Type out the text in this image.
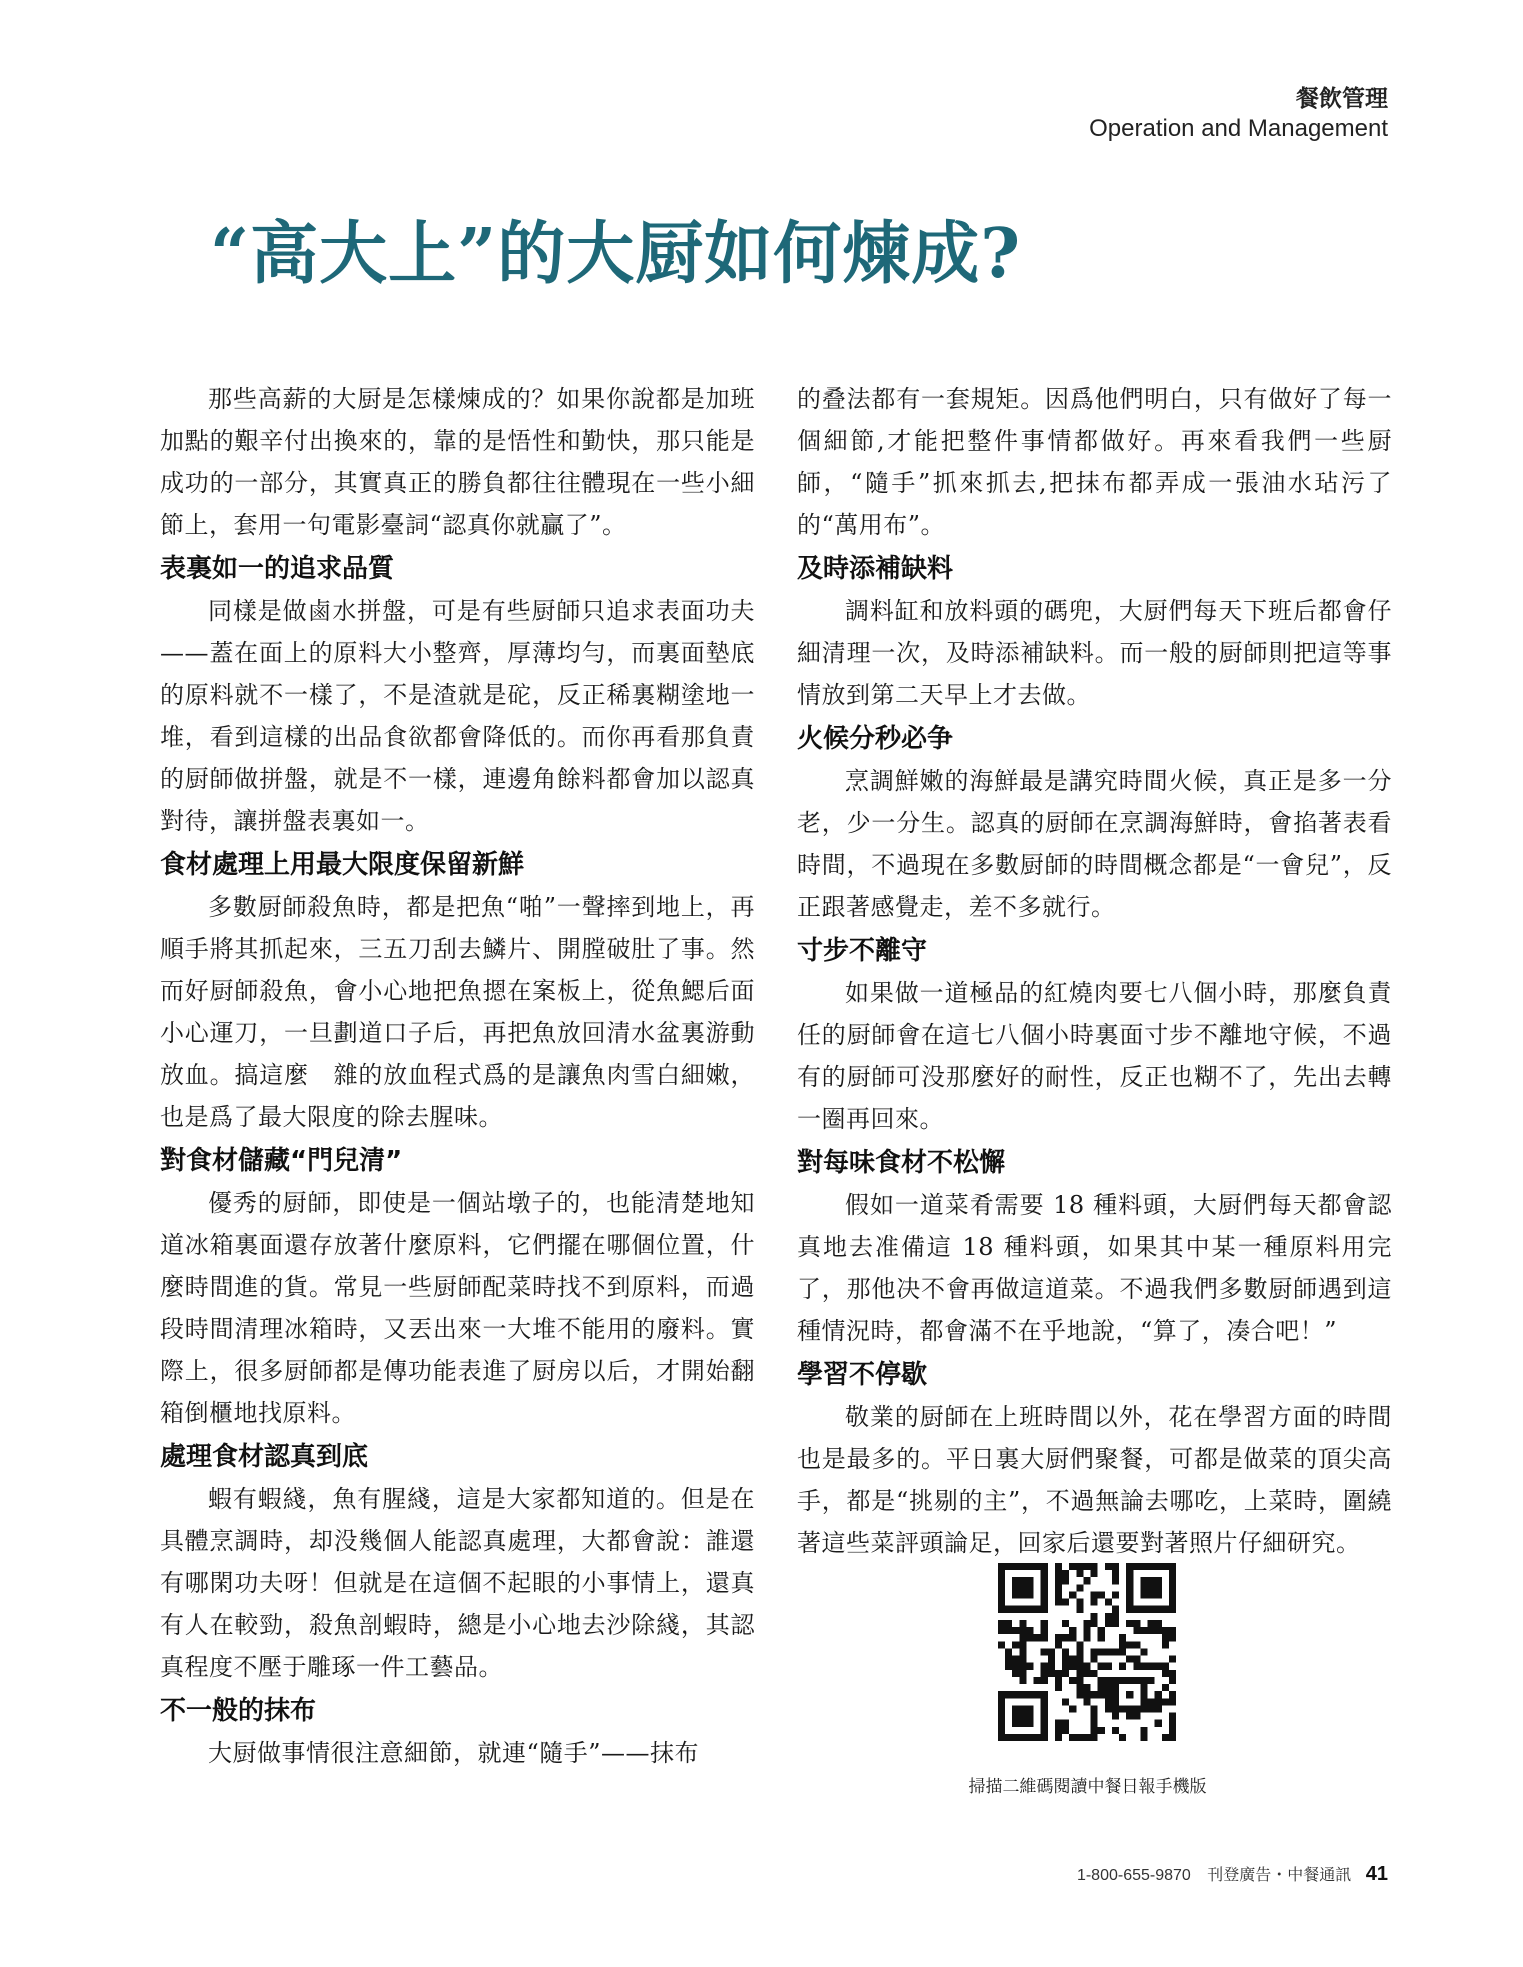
餐飲管理
Operation and Management
“高大上”的大厨如何煉成?

那些高薪的大厨是怎樣煉成的？如果你說都是加班加點的艱辛付出換來的，靠的是悟性和勤快，那只能是成功的一部分，其實真正的勝負都往往體現在一些小細節上，套用一句電影臺詞“認真你就贏了”。

表裏如一的追求品質

同樣是做鹵水拼盤，可是有些厨師只追求表面功夫——蓋在面上的原料大小整齊，厚薄均勻，而裏面墊底的原料就不一樣了，不是渣就是砣，反正稀裏糊塗地一堆，看到這樣的出品食欲都會降低的。而你再看那負責的厨師做拼盤，就是不一樣，連邊角餘料都會加以認真對待，讓拼盤表裏如一。

食材處理上用最大限度保留新鮮

多數厨師殺魚時，都是把魚“啪”一聲摔到地上，再順手將其抓起來，三五刀刮去鱗片、開膛破肚了事。然而好厨師殺魚，會小心地把魚摁在案板上，從魚鰓后面小心運刀，一旦劃道口子后，再把魚放回清水盆裏游動放血。搞這麼　雜的放血程式爲的是讓魚肉雪白細嫩，也是爲了最大限度的除去腥味。

對食材儲藏“門兒清”

優秀的厨師，即使是一個站墩子的，也能清楚地知道冰箱裏面還存放著什麼原料，它們擺在哪個位置，什麼時間進的貨。常見一些厨師配菜時找不到原料，而過段時間清理冰箱時，又丟出來一大堆不能用的廢料。實際上，很多厨師都是傳功能表進了厨房以后，才開始翻箱倒櫃地找原料。

處理食材認真到底

蝦有蝦綫，魚有腥綫，這是大家都知道的。但是在具體烹調時，却没幾個人能認真處理，大都會說：誰還有哪閑功夫呀！但就是在這個不起眼的小事情上，還真有人在較勁，殺魚剖蝦時，總是小心地去沙除綫，其認真程度不壓于雕琢一件工藝品。

不一般的抹布

大厨做事情很注意細節，就連“隨手”——抹布

的叠法都有一套規矩。因爲他們明白，只有做好了每一個細節,才能把整件事情都做好。再來看我們一些厨師，“隨手”抓來抓去,把抹布都弄成一張油水玷污了的“萬用布”。

及時添補缺料

調料缸和放料頭的碼兜，大厨們每天下班后都會仔細清理一次，及時添補缺料。而一般的厨師則把這等事情放到第二天早上才去做。

火候分秒必争

烹調鮮嫩的海鮮最是講究時間火候，真正是多一分老，少一分生。認真的厨師在烹調海鮮時，會掐著表看時間，不過現在多數厨師的時間概念都是“一會兒”，反正跟著感覺走，差不多就行。

寸步不離守

如果做一道極品的紅燒肉要七八個小時，那麼負責任的厨師會在這七八個小時裏面寸步不離地守候，不過有的厨師可没那麼好的耐性，反正也糊不了，先出去轉一圈再回來。

對每味食材不松懈

假如一道菜肴需要 18 種料頭，大厨們每天都會認真地去准備這 18 種料頭，如果其中某一種原料用完了，那他决不會再做這道菜。不過我們多數厨師遇到這種情況時，都會滿不在乎地說，“算了，凑合吧！”

學習不停歇

敬業的厨師在上班時間以外，花在學習方面的時間也是最多的。平日裏大厨們聚餐，可都是做菜的頂尖高手，都是“挑剔的主”，不過無論去哪吃，上菜時，圍繞著這些菜評頭論足，回家后還要對著照片仔細研究。

掃描二維碼閱讀中餐日報手機版
1-800-655-9870 刊登廣告・中餐通訊 41
